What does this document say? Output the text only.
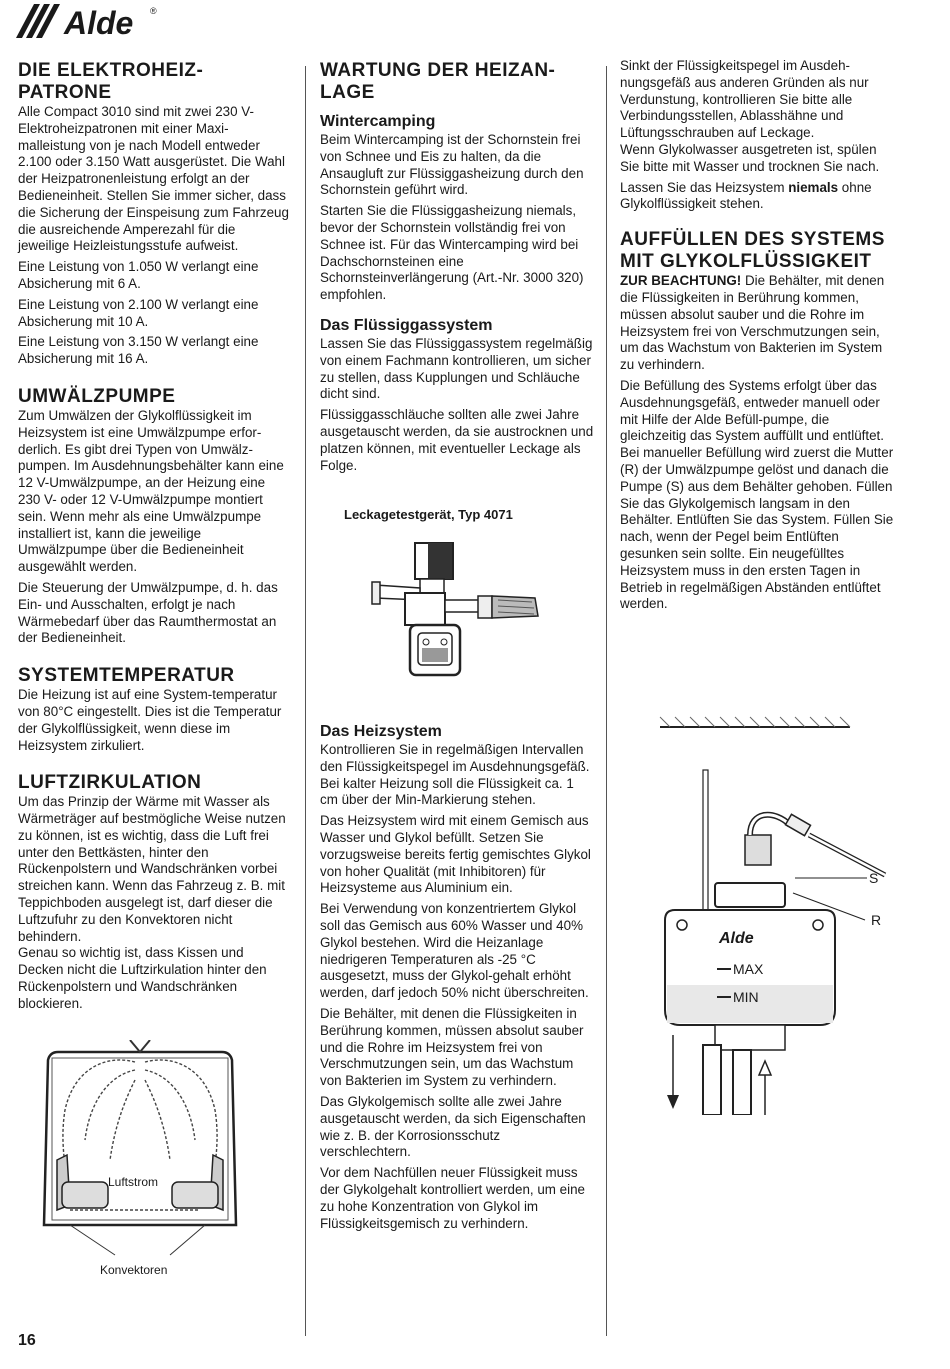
Alde ®
DIE ELEKTROHEIZ-
PATRONE

Alle Compact 3010 sind mit zwei 230 V-Elektroheizpatronen mit einer Maximalleistung von je nach Modell entweder 2.100 oder 3.150 Watt ausgerüstet. Die Wahl der Heizpatronenleistung erfolgt an der Bedieneinheit. Stellen Sie immer sicher, dass die Sicherung der Einspeisung zum Fahrzeug die ausreichende Amperezahl für die jeweilige Heizleistungsstufe aufweist.

Eine Leistung von 1.050 W verlangt eine Absicherung mit 6 A.

Eine Leistung von 2.100 W verlangt eine Absicherung mit 10 A.

Eine Leistung von 3.150 W verlangt eine Absicherung mit 16 A.

UMWÄLZPUMPE

Zum Umwälzen der Glykolflüssigkeit im Heizsystem ist eine Umwälzpumpe erforderlich. Es gibt drei Typen von Umwälzpumpen. Im Ausdehnungsbehälter kann eine 12 V-Umwälzpumpe, an der Heizung eine 230 V- oder 12 V-Umwälzpumpe montiert sein. Wenn mehr als eine Umwälzpumpe installiert ist, kann die jeweilige Umwälzpumpe über die Bedieneinheit ausgewählt werden.

Die Steuerung der Umwälzpumpe, d. h. das Ein- und Ausschalten, erfolgt je nach Wärmebedarf über das Raumthermostat an der Bedieneinheit.

SYSTEMTEMPERATUR

Die Heizung ist auf eine System-temperatur von 80°C eingestellt. Dies ist die Temperatur der Glykolflüssigkeit, wenn diese im Heizsystem zirkuliert.

LUFTZIRKULATION

Um das Prinzip der Wärme mit Wasser als Wärmeträger auf bestmögliche Weise nutzen zu können, ist es wichtig, dass die Luft frei unter den Bettkästen, hinter den Rückenpolstern und Wandschränken vorbei streichen kann. Wenn das Fahrzeug z. B. mit Teppichboden ausgelegt ist, darf dieser die Luftzufuhr zu den Konvektoren nicht behindern.

Genau so wichtig ist, dass Kissen und Decken nicht die Luftzirkulation hinter den Rückenpolstern und Wandschränken blockieren.

Luftstrom
Konvektoren
WARTUNG DER HEIZAN-
LAGE
Wintercamping

Beim Wintercamping ist der Schornstein frei von Schnee und Eis zu halten, da die Ansaugluft zur Flüssiggasheizung durch den Schornstein geführt wird.

Starten Sie die Flüssiggasheizung niemals, bevor der Schornstein vollständig frei von Schnee ist. Für das Wintercamping wird bei Dachschornsteinen eine Schornsteinverlängerung (Art.-Nr. 3000 320) empfohlen.

Das Flüssiggassystem

Lassen Sie das Flüssiggassystem regelmäßig von einem Fachmann kontrollieren, um sicher zu stellen, dass Kupplungen und Schläuche dicht sind.

Flüssiggasschläuche sollten alle zwei Jahre ausgetauscht werden, da sie austrocknen und platzen können, mit eventueller Leckage als Folge.

Leckagetestgerät, Typ 4071
Das Heizsystem

Kontrollieren Sie in regelmäßigen Intervallen den Flüssigkeitspegel im Ausdehnungsgefäß. Bei kalter Heizung soll die Flüssigkeit ca. 1 cm über der Min-Markierung stehen.

Das Heizsystem wird mit einem Gemisch aus Wasser und Glykol befüllt. Setzen Sie vorzugsweise bereits fertig gemischtes Glykol von hoher Qualität (mit Inhibitoren) für Heizsysteme aus Aluminium ein.

Bei Verwendung von konzentriertem Glykol soll das Gemisch aus 60% Wasser und 40% Glykol bestehen. Wird die Heizanlage niedrigeren Temperaturen als -25 °C ausgesetzt, muss der Glykol-gehalt erhöht werden, darf jedoch 50% nicht überschreiten.

Die Behälter, mit denen die Flüssigkeiten in Berührung kommen, müssen absolut sauber und die Rohre im Heizsystem frei von Verschmutzungen sein, um das Wachstum von Bakterien im System zu verhindern.

Das Glykolgemisch sollte alle zwei Jahre ausgetauscht werden, da sich Eigenschaften wie z. B. der Korrosionsschutz verschlechtern.

Vor dem Nachfüllen neuer Flüssigkeit muss der Glykolgehalt kontrolliert werden, um eine zu hohe Konzentration von Glykol im Flüssigkeitsgemisch zu verhindern.

Sinkt der Flüssigkeitspegel im Ausdehnungsgefäß aus anderen Gründen als nur Verdunstung, kontrollieren Sie bitte alle Verbindungsstellen, Ablasshähne und Lüftungsschrauben auf Leckage.

Wenn Glykolwasser ausgetreten ist, spülen Sie bitte mit Wasser und trocknen Sie nach.

Lassen Sie das Heizsystem niemals ohne Glykolflüssigkeit stehen.

AUFFÜLLEN DES SYSTEMS
MIT GLYKOLFLÜSSIGKEIT

ZUR BEACHTUNG! Die Behälter, mit denen die Flüssigkeiten in Berührung kommen, müssen absolut sauber und die Rohre im Heizsystem frei von Verschmutzungen sein, um das Wachstum von Bakterien im System zu verhindern.

Die Befüllung des Systems erfolgt über das Ausdehnungsgefäß, entweder manuell oder mit Hilfe der Alde Befüll-pumpe, die gleichzeitig das System auffüllt und entlüftet. Bei manueller Befüllung wird zuerst die Mutter (R) der Umwälzpumpe gelöst und danach die Pumpe (S) aus dem Behälter gehoben. Füllen Sie das Glykolgemisch langsam in den Behälter. Entlüften Sie das System. Füllen Sie nach, wenn der Pegel beim Entlüften gesunken sein sollte. Ein neugefülltes Heizsystem muss in den ersten Tagen in Betrieb in regelmäßigen Abständen entlüftet werden.

S
R
Alde
MAX
MIN
16
